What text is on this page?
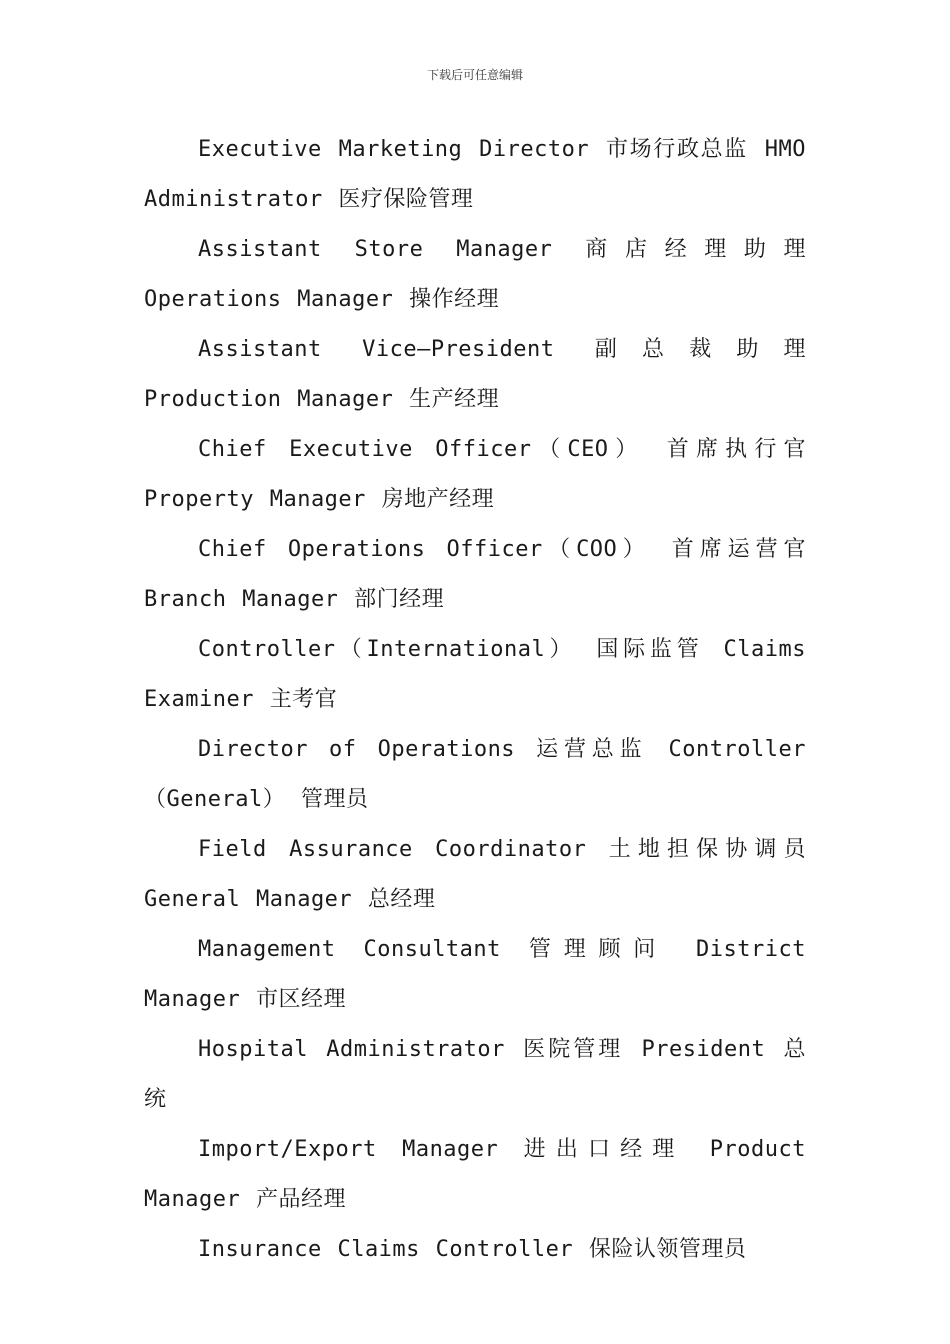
下载后可任意编辑

Executive Marketing Director 市场行政总监 HMO Administrator 医疗保险管理

Assistant Store Manager 商店经理助理 Operations Manager 操作经理

Assistant Vice—President 副总裁助理 Production Manager 生产经理

Chief Executive Officer（CEO） 首席执行官 Property Manager 房地产经理

Chief Operations Officer（COO） 首席运营官 Branch Manager 部门经理

Controller（International） 国际监管 Claims Examiner 主考官

Director of Operations 运营总监 Controller（General） 管理员

Field Assurance Coordinator 土地担保协调员 General Manager 总经理

Management Consultant 管理顾问 District Manager 市区经理

Hospital Administrator 医院管理 President 总统

Import/Export Manager 进出口经理 Product Manager 产品经理

Insurance Claims Controller 保险认领管理员
